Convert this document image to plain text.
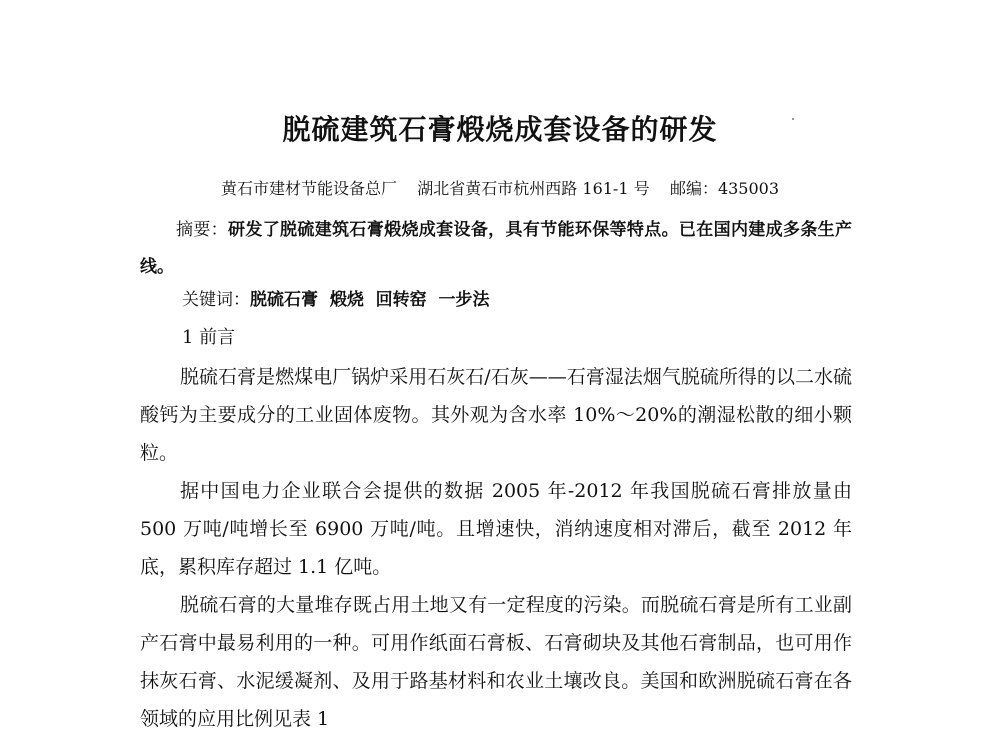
脱硫建筑石膏煅烧成套设备的研发
黄石市建材节能设备总厂    湖北省黄石市杭州西路 161-1 号    邮编：435003
摘要：研发了脱硫建筑石膏煅烧成套设备，具有节能环保等特点。已在国内建成多条生产线。
关键词：脱硫石膏  煅烧  回转窑  一步法
1 前言

脱硫石膏是燃煤电厂锅炉采用石灰石/石灰——石膏湿法烟气脱硫所得的以二水硫酸钙为主要成分的工业固体废物。其外观为含水率 10%～20%的潮湿松散的细小颗粒。

据中国电力企业联合会提供的数据 2005 年-2012 年我国脱硫石膏排放量由 500 万吨/吨增长至 6900 万吨/吨。且增速快，消纳速度相对滞后，截至 2012 年底，累积库存超过 1.1 亿吨。

脱硫石膏的大量堆存既占用土地又有一定程度的污染。而脱硫石膏是所有工业副产石膏中最易利用的一种。可用作纸面石膏板、石膏砌块及其他石膏制品，也可用作抹灰石膏、水泥缓凝剂、及用于路基材料和农业土壤改良。美国和欧洲脱硫石膏在各领域的应用比例见表 1
